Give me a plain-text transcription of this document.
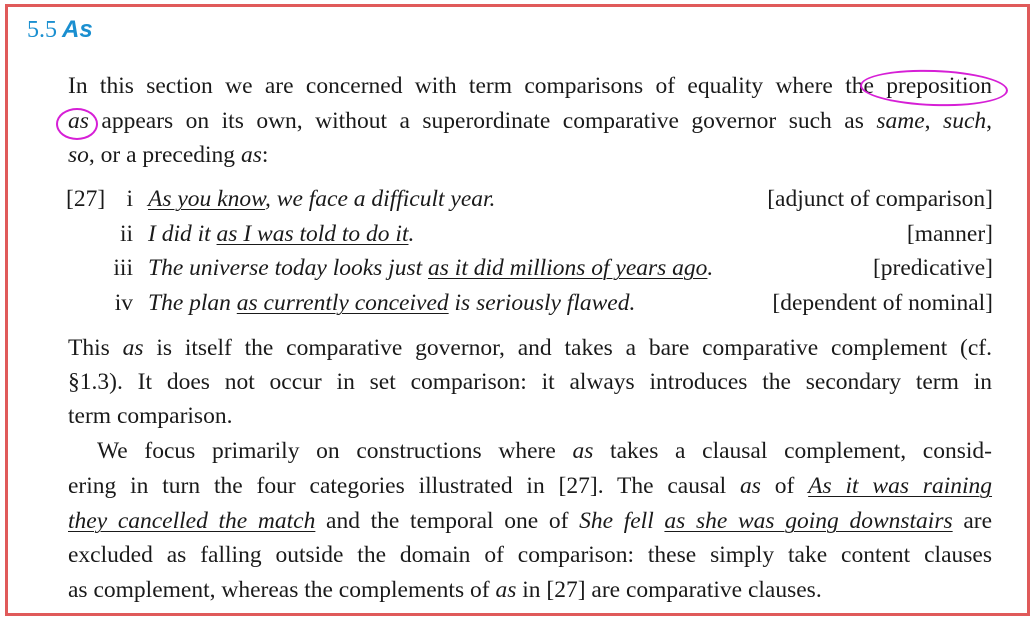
5.5 As
In this section we are concerned with term comparisons of equality where the preposition
as appears on its own, without a superordinate comparative governor such as same, such,
so, or a preceding as:
[27] i As you know, we face a difficult year.	[adjunct of comparison]
ii I did it as I was told to do it.	[manner]
iii The universe today looks just as it did millions of years ago.	[predicative]
iv The plan as currently conceived is seriously flawed.	[dependent of nominal]
This as is itself the comparative governor, and takes a bare comparative complement (cf.
§1.3). It does not occur in set comparison: it always introduces the secondary term in
term comparison.
We focus primarily on constructions where as takes a clausal complement, consid-
ering in turn the four categories illustrated in [27]. The causal as of As it was raining
they cancelled the match and the temporal one of She fell as she was going downstairs are
excluded as falling outside the domain of comparison: these simply take content clauses
as complement, whereas the complements of as in [27] are comparative clauses.
